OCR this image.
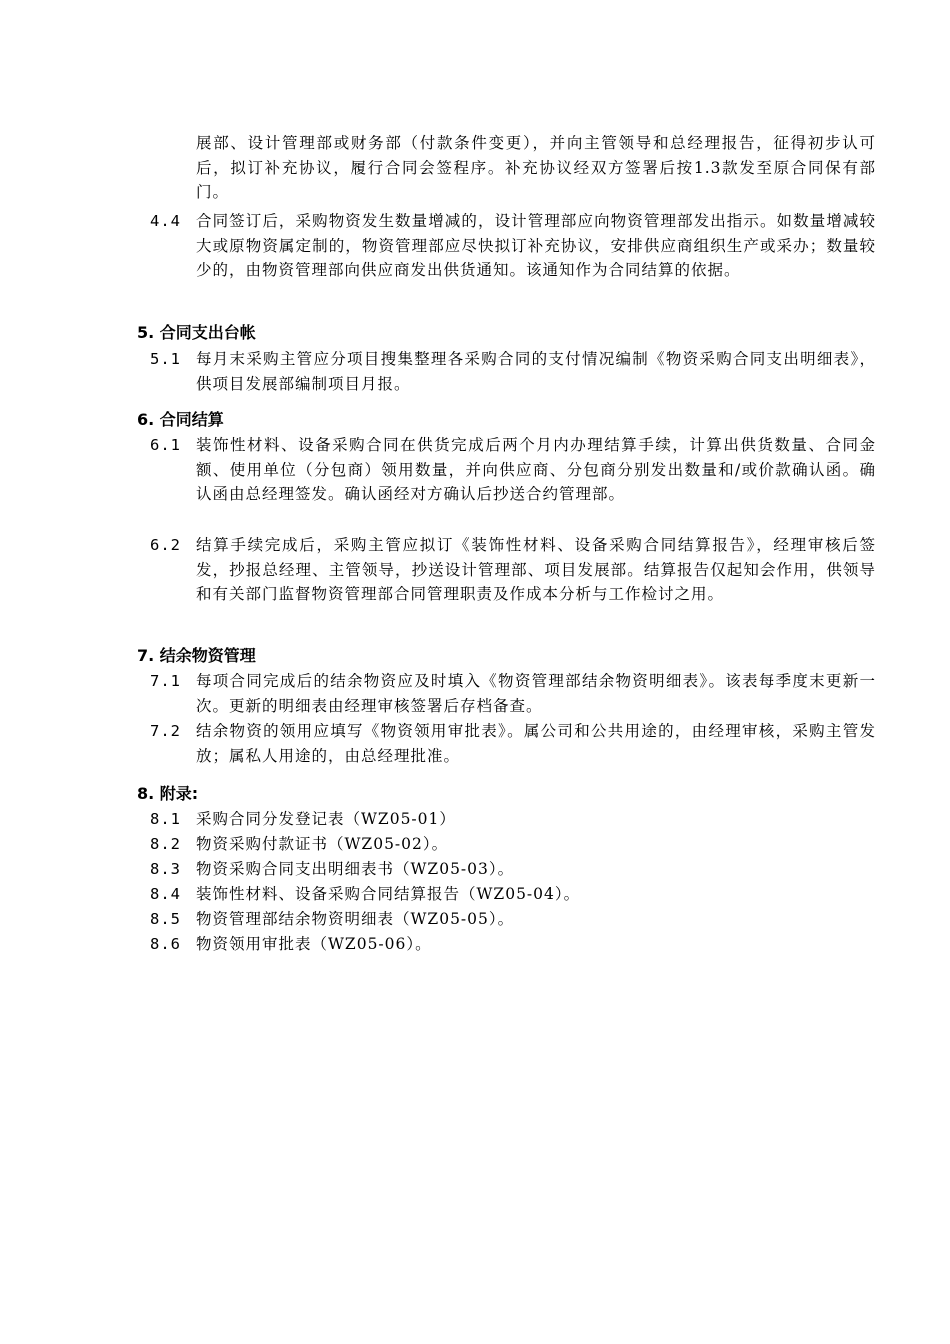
展部、设计管理部或财务部（付款条件变更），并向主管领导和总经理报告，征得初步认可后，拟订补充协议，履行合同会签程序。补充协议经双方签署后按1.3款发至原合同保有部门。
4.4 合同签订后，采购物资发生数量增减的，设计管理部应向物资管理部发出指示。如数量增减较大或原物资属定制的，物资管理部应尽快拟订补充协议，安排供应商组织生产或采办；数量较少的，由物资管理部向供应商发出供货通知。该通知作为合同结算的依据。
5. 合同支出台帐
5.1 每月末采购主管应分项目搜集整理各采购合同的支付情况编制《物资采购合同支出明细表》，供项目发展部编制项目月报。
6. 合同结算
6.1 装饰性材料、设备采购合同在供货完成后两个月内办理结算手续，计算出供货数量、合同金额、使用单位（分包商）领用数量，并向供应商、分包商分别发出数量和/或价款确认函。确认函由总经理签发。确认函经对方确认后抄送合约管理部。
6.2 结算手续完成后，采购主管应拟订《装饰性材料、设备采购合同结算报告》，经理审核后签发，抄报总经理、主管领导，抄送设计管理部、项目发展部。结算报告仅起知会作用，供领导和有关部门监督物资管理部合同管理职责及作成本分析与工作检讨之用。
7. 结余物资管理
7.1 每项合同完成后的结余物资应及时填入《物资管理部结余物资明细表》。该表每季度末更新一次。更新的明细表由经理审核签署后存档备查。
7.2 结余物资的领用应填写《物资领用审批表》。属公司和公共用途的，由经理审核，采购主管发放；属私人用途的，由总经理批准。
8. 附录:
8.1 采购合同分发登记表（WZ05-01）
8.2 物资采购付款证书（WZ05-02）。
8.3 物资采购合同支出明细表书（WZ05-03）。
8.4 装饰性材料、设备采购合同结算报告（WZ05-04）。
8.5 物资管理部结余物资明细表（WZ05-05）。
8.6 物资领用审批表（WZ05-06）。
